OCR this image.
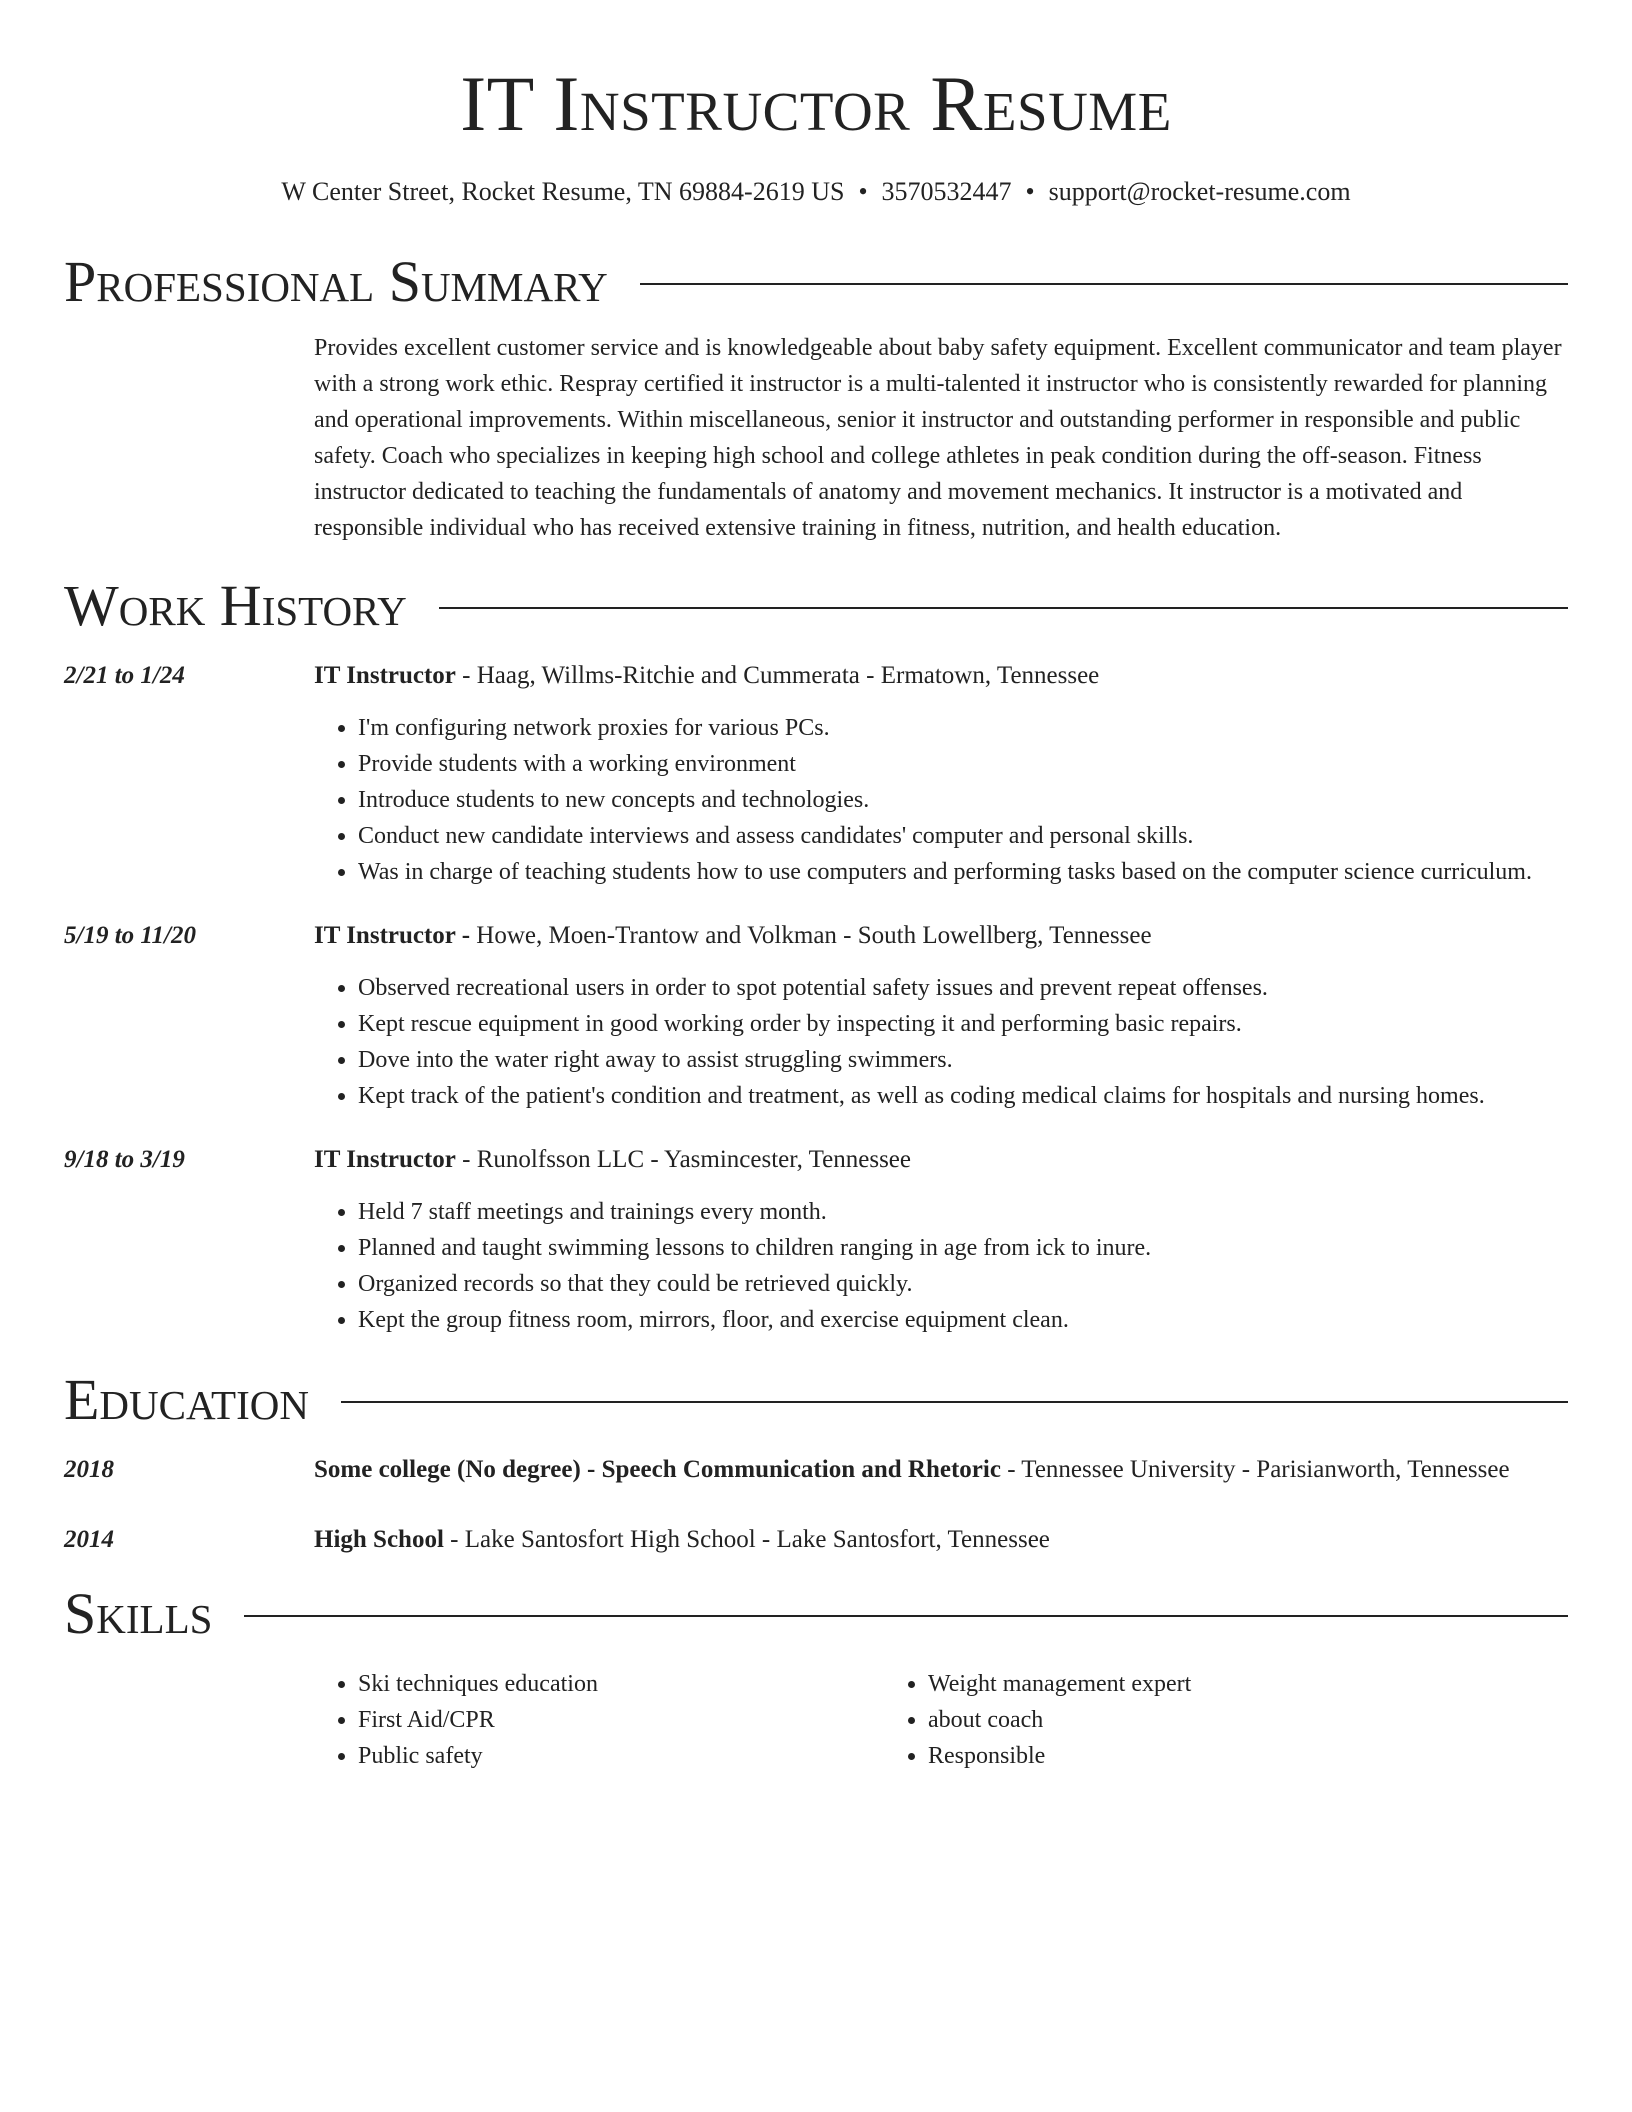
IT Instructor Resume
W Center Street, Rocket Resume, TN 69884-2619 US • 3570532447 • support@rocket-resume.com
Professional Summary
Provides excellent customer service and is knowledgeable about baby safety equipment. Excellent communicator and team player with a strong work ethic. Respray certified it instructor is a multi-talented it instructor who is consistently rewarded for planning and operational improvements. Within miscellaneous, senior it instructor and outstanding performer in responsible and public safety. Coach who specializes in keeping high school and college athletes in peak condition during the off-season. Fitness instructor dedicated to teaching the fundamentals of anatomy and movement mechanics. It instructor is a motivated and responsible individual who has received extensive training in fitness, nutrition, and health education.
Work History
2/21 to 1/24	IT Instructor - Haag, Willms-Ritchie and Cummerata - Ermatown, Tennessee
• I'm configuring network proxies for various PCs.
• Provide students with a working environment
• Introduce students to new concepts and technologies.
• Conduct new candidate interviews and assess candidates' computer and personal skills.
• Was in charge of teaching students how to use computers and performing tasks based on the computer science curriculum.
5/19 to 11/20	IT Instructor - Howe, Moen-Trantow and Volkman - South Lowellberg, Tennessee
• Observed recreational users in order to spot potential safety issues and prevent repeat offenses.
• Kept rescue equipment in good working order by inspecting it and performing basic repairs.
• Dove into the water right away to assist struggling swimmers.
• Kept track of the patient's condition and treatment, as well as coding medical claims for hospitals and nursing homes.
9/18 to 3/19	IT Instructor - Runolfsson LLC - Yasmincester, Tennessee
• Held 7 staff meetings and trainings every month.
• Planned and taught swimming lessons to children ranging in age from ick to inure.
• Organized records so that they could be retrieved quickly.
• Kept the group fitness room, mirrors, floor, and exercise equipment clean.
Education
2018	Some college (No degree) - Speech Communication and Rhetoric - Tennessee University - Parisianworth, Tennessee
2014	High School - Lake Santosfort High School - Lake Santosfort, Tennessee
Skills
• Ski techniques education
• First Aid/CPR
• Public safety
• Weight management expert
• about coach
• Responsible
